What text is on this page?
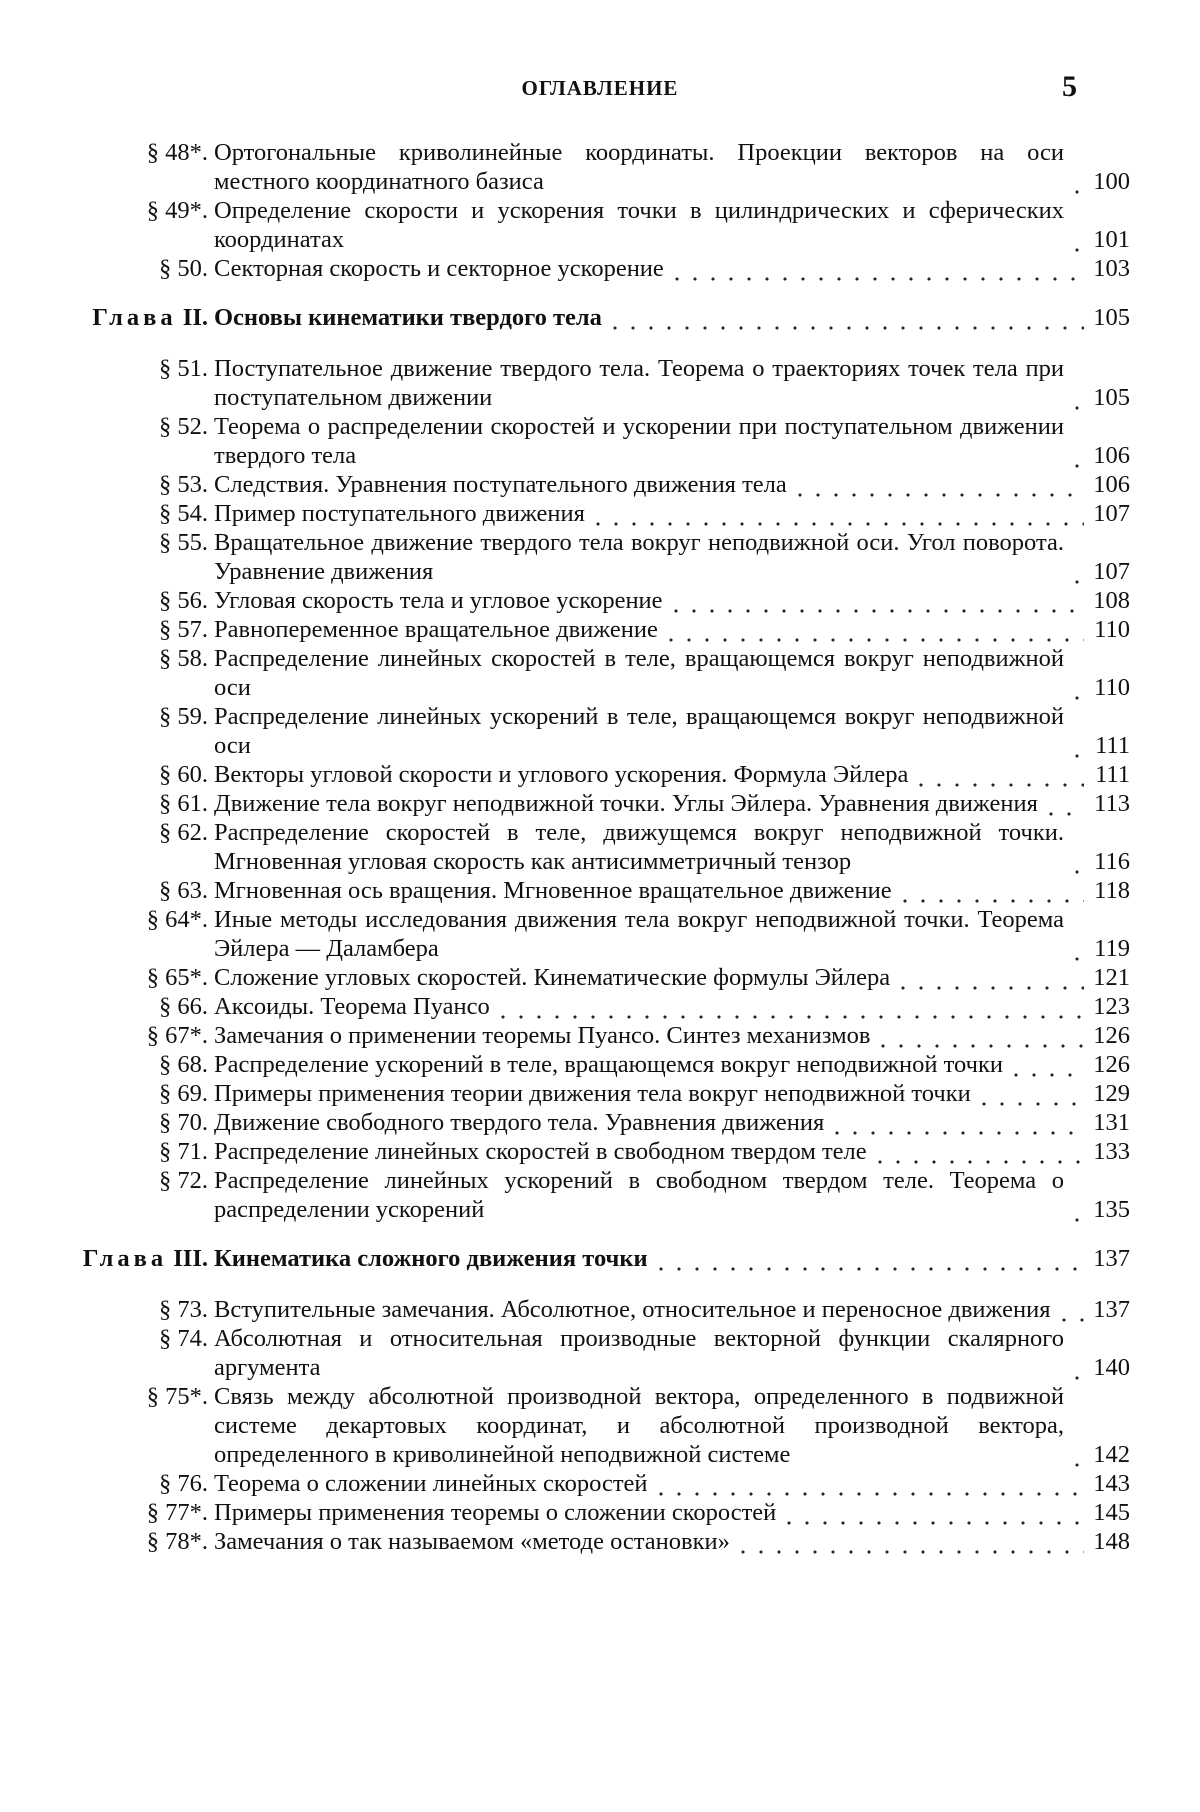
ОГЛАВЛЕНИЕ	5
§ 48*. Ортогональные криволинейные координаты. Проекции векторов на оси местного координатного базиса	100
§ 49*. Определение скорости и ускорения точки в цилиндрических и сферических координатах	101
§ 50. Секторная скорость и секторное ускорение	103
Глава II. Основы кинематики твердого тела	105
§ 51. Поступательное движение твердого тела. Теорема о траекториях точек тела при поступательном движении	105
§ 52. Теорема о распределении скоростей и ускорении при поступательном движении твердого тела	106
§ 53. Следствия. Уравнения поступательного движения тела	106
§ 54. Пример поступательного движения	107
§ 55. Вращательное движение твердого тела вокруг неподвижной оси. Угол поворота. Уравнение движения	107
§ 56. Угловая скорость тела и угловое ускорение	108
§ 57. Равнопеременное вращательное движение	110
§ 58. Распределение линейных скоростей в теле, вращающемся вокруг неподвижной оси	110
§ 59. Распределение линейных ускорений в теле, вращающемся вокруг неподвижной оси	111
§ 60. Векторы угловой скорости и углового ускорения. Формула Эйлера	111
§ 61. Движение тела вокруг неподвижной точки. Углы Эйлера. Уравнения движения	113
§ 62. Распределение скоростей в теле, движущемся вокруг неподвижной точки. Мгновенная угловая скорость как антисимметричный тензор	116
§ 63. Мгновенная ось вращения. Мгновенное вращательное движение	118
§ 64*. Иные методы исследования движения тела вокруг неподвижной точки. Теорема Эйлера — Даламбера	119
§ 65*. Сложение угловых скоростей. Кинематические формулы Эйлера	121
§ 66. Аксоиды. Теорема Пуансо	123
§ 67*. Замечания о применении теоремы Пуансо. Синтез механизмов	126
§ 68. Распределение ускорений в теле, вращающемся вокруг неподвижной точки	126
§ 69. Примеры применения теории движения тела вокруг неподвижной точки	129
§ 70. Движение свободного твердого тела. Уравнения движения	131
§ 71. Распределение линейных скоростей в свободном твердом теле	133
§ 72. Распределение линейных ускорений в свободном твердом теле. Теорема о распределении ускорений	135
Глава III. Кинематика сложного движения точки	137
§ 73. Вступительные замечания. Абсолютное, относительное и переносное движения	137
§ 74. Абсолютная и относительная производные векторной функции скалярного аргумента	140
§ 75*. Связь между абсолютной производной вектора, определенного в подвижной системе декартовых координат, и абсолютной производной вектора, определенного в криволинейной неподвижной системе	142
§ 76. Теорема о сложении линейных скоростей	143
§ 77*. Примеры применения теоремы о сложении скоростей	145
§ 78*. Замечания о так называемом «методе остановки»	148
